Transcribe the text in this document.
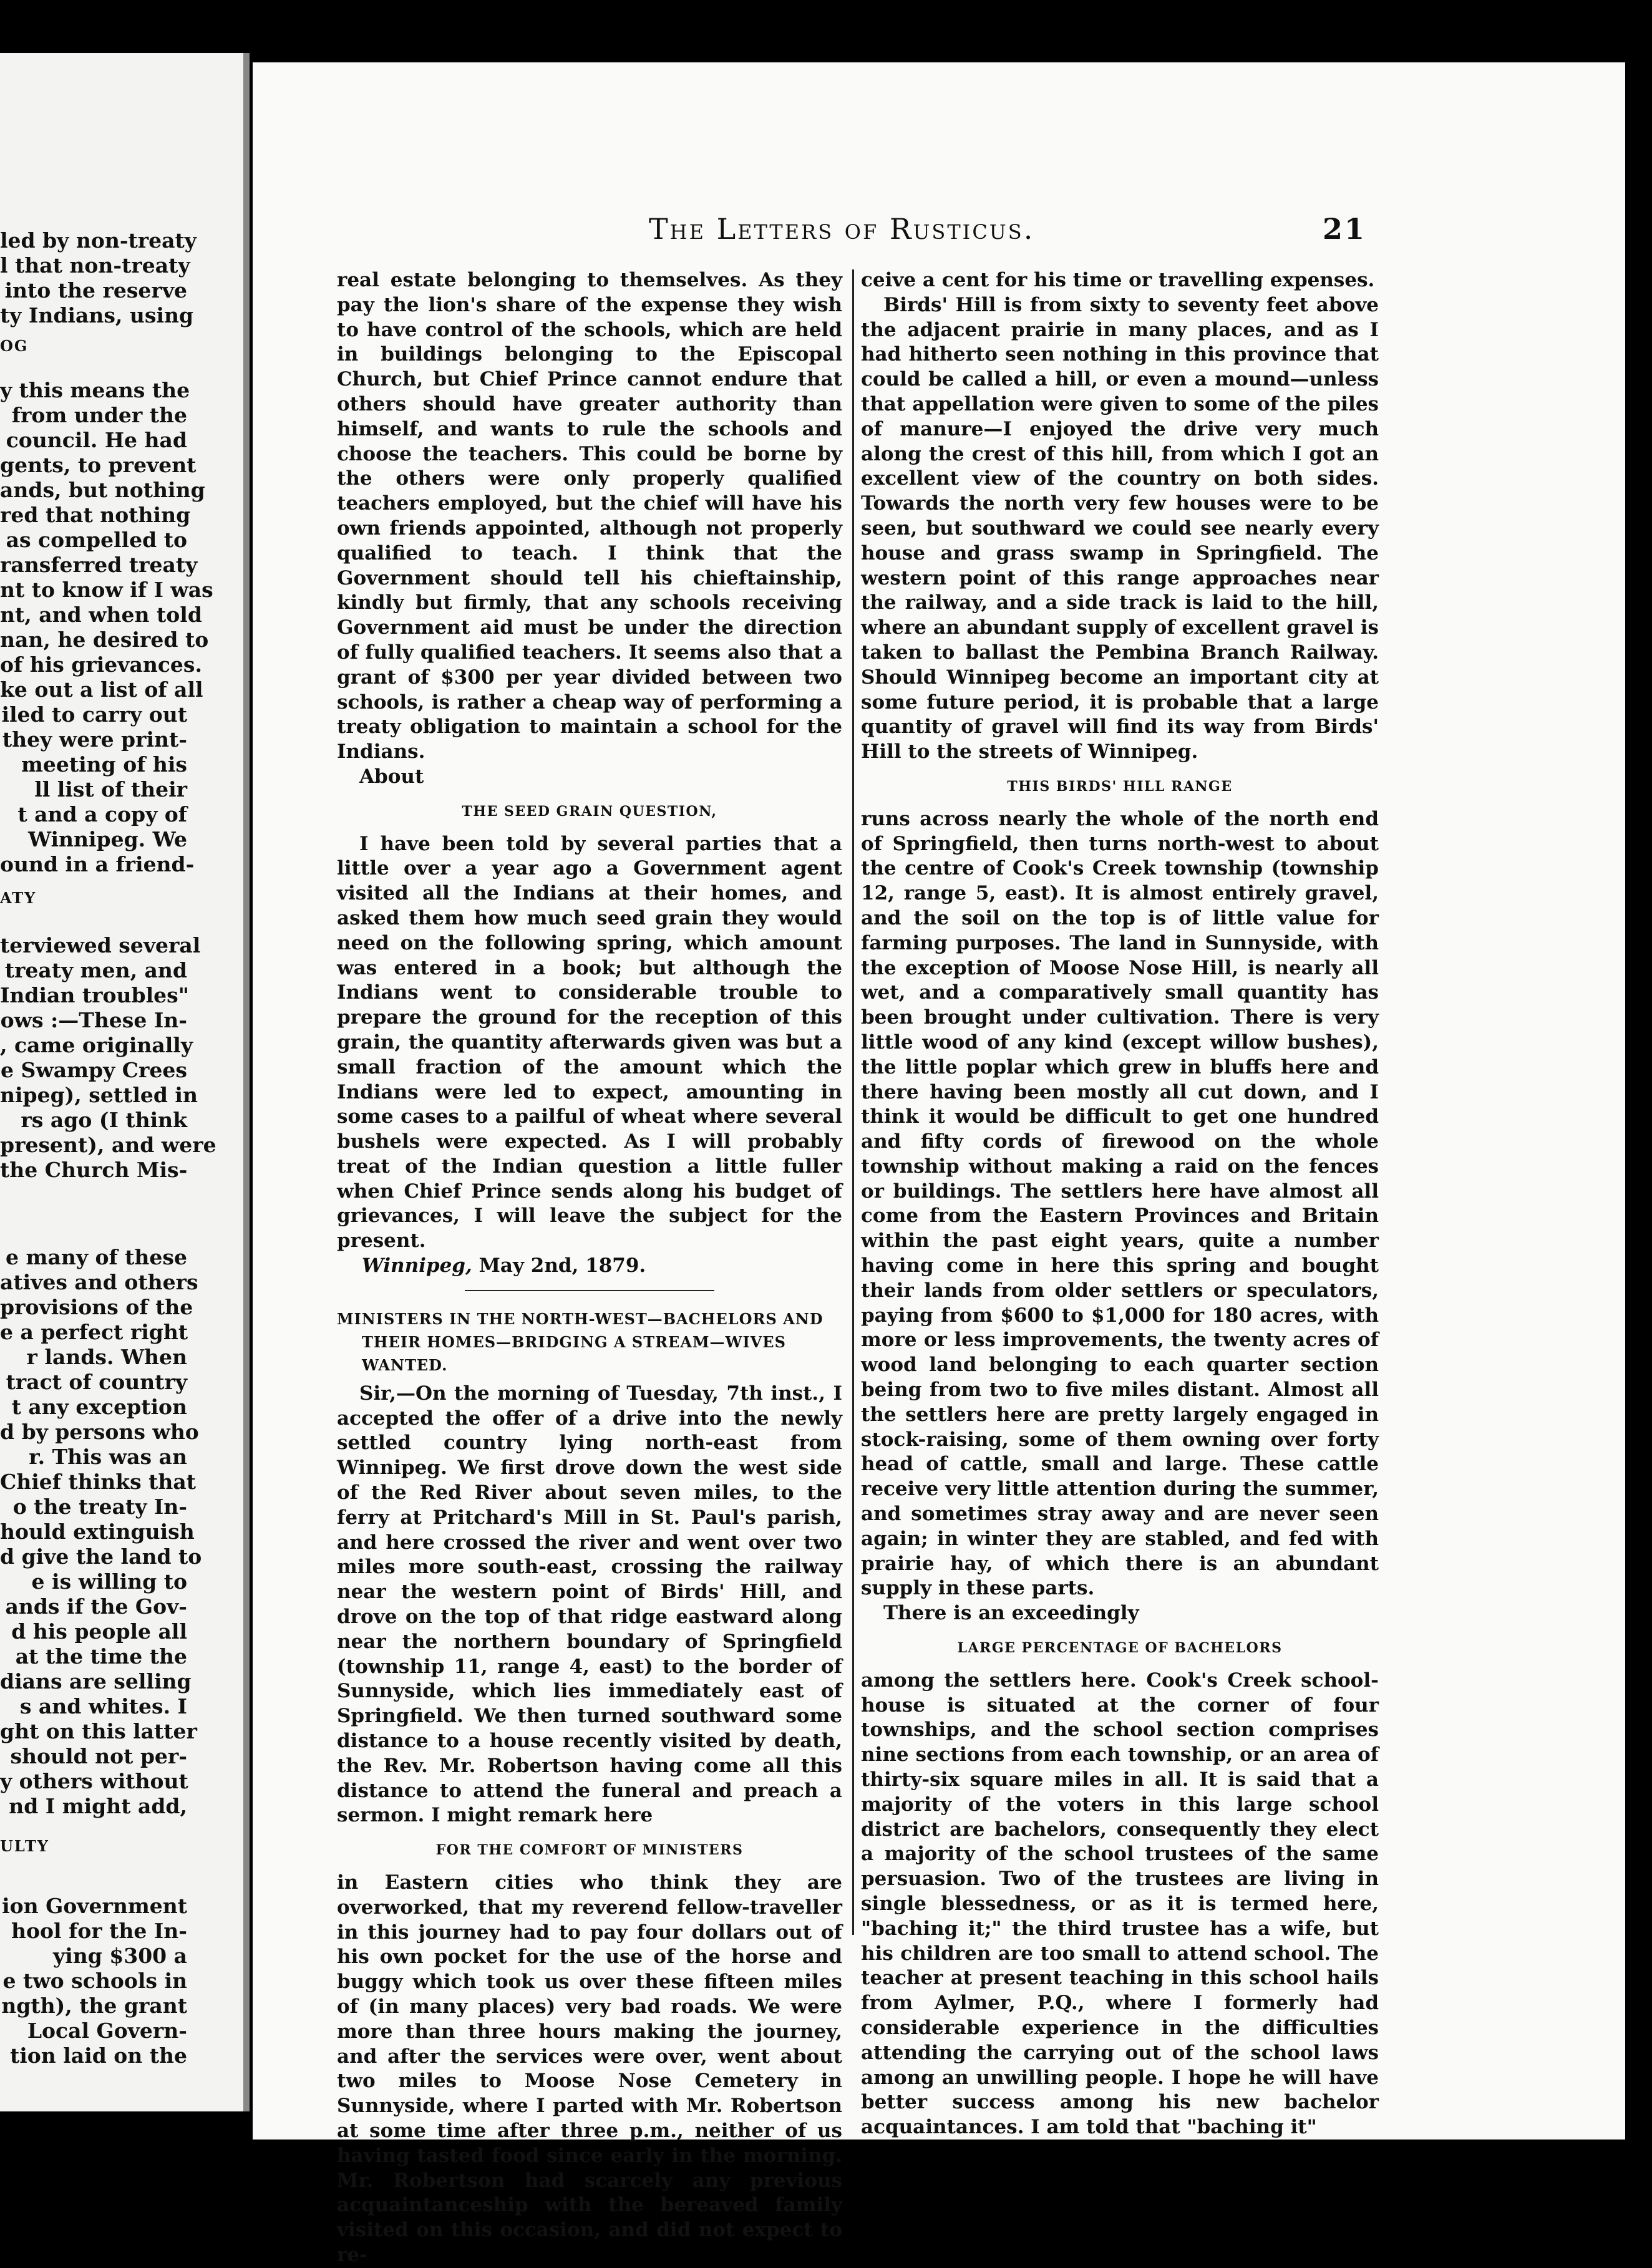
led by non-treaty
l that non-treaty
into the reserve
ty Indians, using
y this means the
from under the
council. He had
gents, to prevent
ands, but nothing
red that nothing
as compelled to
ransferred treaty
nt to know if I was
nt, and when told
nan, he desired to
of his grievances.
ke out a list of all
iled to carry out
they were print-
meeting of his
ll list of their
t and a copy of
Winnipeg. We
ound in a friend-
terviewed several
treaty men, and
Indian troubles"
ows :—These In-
, came originally
e Swampy Crees
nipeg), settled in
rs ago (I think
present), and were
the Church Mis-
e many of these
atives and others
provisions of the
e a perfect right
r lands. When
tract of country
t any exception
d by persons who
r. This was an
Chief thinks that
o the treaty In-
hould extinguish
d give the land to
e is willing to
ands if the Gov-
d his people all
at the time the
dians are selling
s and whites. I
ght on this latter
should not per-
y others without
nd I might add,
ion Government
hool for the In-
ying $300 a
e two schools in
ngth), the grant
Local Govern-
tion laid on the
OG
ATY
ULTY
The Letters of Rusticus.	21

real estate belonging to themselves. As they pay the lion's share of the expense they wish to have control of the schools, which are held in buildings belonging to the Episcopal Church, but Chief Prince cannot endure that others should have greater authority than himself, and wants to rule the schools and choose the teachers. This could be borne by the others were only properly qualified teachers employed, but the chief will have his own friends appointed, although not properly qualified to teach. I think that the Government should tell his chieftainship, kindly but firmly, that any schools receiving Government aid must be under the direction of fully qualified teachers. It seems also that a grant of $300 per year divided between two schools, is rather a cheap way of performing a treaty obligation to maintain a school for the Indians.

About

THE SEED GRAIN QUESTION,

I have been told by several parties that a little over a year ago a Government agent visited all the Indians at their homes, and asked them how much seed grain they would need on the following spring, which amount was entered in a book; but although the Indians went to considerable trouble to prepare the ground for the reception of this grain, the quantity afterwards given was but a small fraction of the amount which the Indians were led to expect, amounting in some cases to a pailful of wheat where several bushels were expected. As I will probably treat of the Indian question a little fuller when Chief Prince sends along his budget of grievances, I will leave the subject for the present.

Winnipeg, May 2nd, 1879.

MINISTERS IN THE NORTH-WEST—BACHELORS AND
THEIR HOMES—BRIDGING A STREAM—WIVES
WANTED.

Sir,—On the morning of Tuesday, 7th inst., I accepted the offer of a drive into the newly settled country lying north-east from Winnipeg. We first drove down the west side of the Red River about seven miles, to the ferry at Pritchard's Mill in St. Paul's parish, and here crossed the river and went over two miles more south-east, crossing the railway near the western point of Birds' Hill, and drove on the top of that ridge eastward along near the northern boundary of Springfield (township 11, range 4, east) to the border of Sunnyside, which lies immediately east of Springfield. We then turned southward some distance to a house recently visited by death, the Rev. Mr. Robertson having come all this distance to attend the funeral and preach a sermon. I might remark here

FOR THE COMFORT OF MINISTERS

in Eastern cities who think they are overworked, that my reverend fellow-traveller in this journey had to pay four dollars out of his own pocket for the use of the horse and buggy which took us over these fifteen miles of (in many places) very bad roads. We were more than three hours making the journey, and after the services were over, went about two miles to Moose Nose Cemetery in Sunnyside, where I parted with Mr. Robertson at some time after three p.m., neither of us having tasted food since early in the morning. Mr. Robertson had scarcely any previous acquaintanceship with the bereaved family visited on this occasion, and did not expect to re-

ceive a cent for his time or travelling expenses.

Birds' Hill is from sixty to seventy feet above the adjacent prairie in many places, and as I had hitherto seen nothing in this province that could be called a hill, or even a mound—unless that appellation were given to some of the piles of manure—I enjoyed the drive very much along the crest of this hill, from which I got an excellent view of the country on both sides. Towards the north very few houses were to be seen, but southward we could see nearly every house and grass swamp in Springfield. The western point of this range approaches near the railway, and a side track is laid to the hill, where an abundant supply of excellent gravel is taken to ballast the Pembina Branch Railway. Should Winnipeg become an important city at some future period, it is probable that a large quantity of gravel will find its way from Birds' Hill to the streets of Winnipeg.

THIS BIRDS' HILL RANGE

runs across nearly the whole of the north end of Springfield, then turns north-west to about the centre of Cook's Creek township (township 12, range 5, east). It is almost entirely gravel, and the soil on the top is of little value for farming purposes. The land in Sunnyside, with the exception of Moose Nose Hill, is nearly all wet, and a comparatively small quantity has been brought under cultivation. There is very little wood of any kind (except willow bushes), the little poplar which grew in bluffs here and there having been mostly all cut down, and I think it would be difficult to get one hundred and fifty cords of firewood on the whole township without making a raid on the fences or buildings. The settlers here have almost all come from the Eastern Provinces and Britain within the past eight years, quite a number having come in here this spring and bought their lands from older settlers or speculators, paying from $600 to $1,000 for 180 acres, with more or less improvements, the twenty acres of wood land belonging to each quarter section being from two to five miles distant. Almost all the settlers here are pretty largely engaged in stock-raising, some of them owning over forty head of cattle, small and large. These cattle receive very little attention during the summer, and sometimes stray away and are never seen again; in winter they are stabled, and fed with prairie hay, of which there is an abundant supply in these parts.

There is an exceedingly

LARGE PERCENTAGE OF BACHELORS

among the settlers here. Cook's Creek school-house is situated at the corner of four townships, and the school section comprises nine sections from each township, or an area of thirty-six square miles in all. It is said that a majority of the voters in this large school district are bachelors, consequently they elect a majority of the school trustees of the same persuasion. Two of the trustees are living in single blessedness, or as it is termed here, "baching it;" the third trustee has a wife, but his children are too small to attend school. The teacher at present teaching in this school hails from Aylmer, P.Q., where I formerly had considerable experience in the difficulties attending the carrying out of the school laws among an unwilling people. I hope he will have better success among his new bachelor acquaintances. I am told that "baching it"
